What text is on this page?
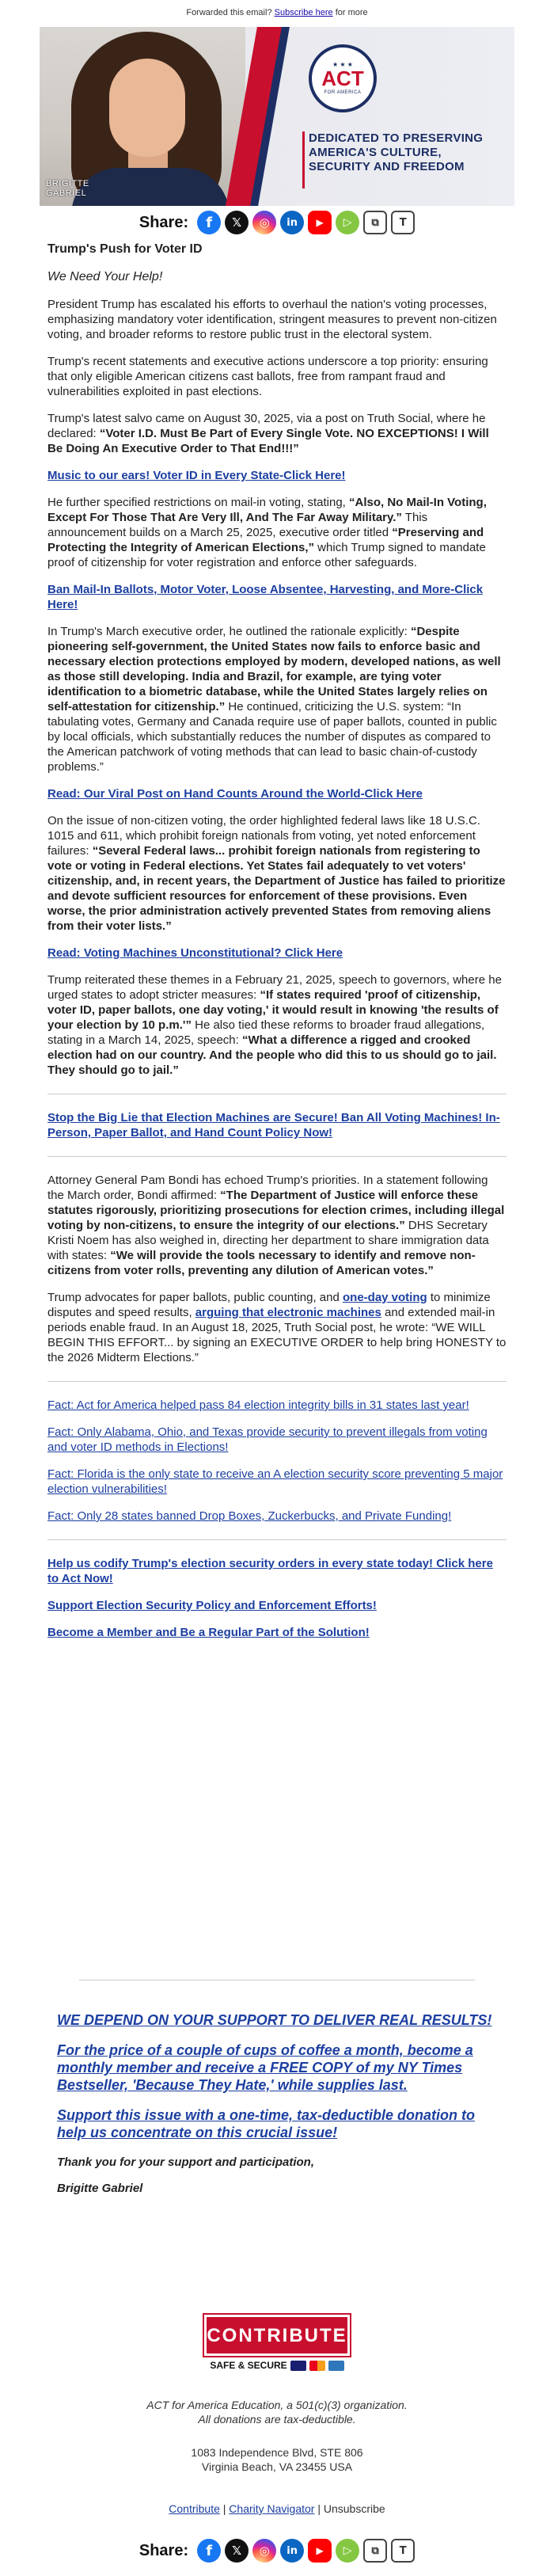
Forwarded this email? Subscribe here for more
BRIGITTE
GABRIEL
★ ★ ★
ACT
FOR AMERICA
DEDICATED TO PRESERVING AMERICA'S CULTURE, SECURITY AND FREEDOM
Share:	f	𝕏	◎	in	▶	▷	⧉	T

Trump's Push for Voter ID

We Need Your Help!

President Trump has escalated his efforts to overhaul the nation's voting processes, emphasizing mandatory voter identification, stringent measures to prevent non-citizen voting, and broader reforms to restore public trust in the electoral system.

Trump's recent statements and executive actions underscore a top priority: ensuring that only eligible American citizens cast ballots, free from rampant fraud and vulnerabilities exploited in past elections.

Trump's latest salvo came on August 30, 2025, via a post on Truth Social, where he declared: “Voter I.D. Must Be Part of Every Single Vote. NO EXCEPTIONS! I Will Be Doing An Executive Order to That End!!!”

Music to our ears! Voter ID in Every State-Click Here!

He further specified restrictions on mail-in voting, stating, “Also, No Mail-In Voting, Except For Those That Are Very Ill, And The Far Away Military.” This announcement builds on a March 25, 2025, executive order titled “Preserving and Protecting the Integrity of American Elections,” which Trump signed to mandate proof of citizenship for voter registration and enforce other safeguards.

Ban Mail-In Ballots, Motor Voter, Loose Absentee, Harvesting, and More-Click Here!

In Trump's March executive order, he outlined the rationale explicitly: “Despite pioneering self-government, the United States now fails to enforce basic and necessary election protections employed by modern, developed nations, as well as those still developing. India and Brazil, for example, are tying voter identification to a biometric database, while the United States largely relies on self-attestation for citizenship.” He continued, criticizing the U.S. system: “In tabulating votes, Germany and Canada require use of paper ballots, counted in public by local officials, which substantially reduces the number of disputes as compared to the American patchwork of voting methods that can lead to basic chain-of-custody problems.”

Read: Our Viral Post on Hand Counts Around the World-Click Here

On the issue of non-citizen voting, the order highlighted federal laws like 18 U.S.C. 1015 and 611, which prohibit foreign nationals from voting, yet noted enforcement failures: “Several Federal laws... prohibit foreign nationals from registering to vote or voting in Federal elections. Yet States fail adequately to vet voters' citizenship, and, in recent years, the Department of Justice has failed to prioritize and devote sufficient resources for enforcement of these provisions. Even worse, the prior administration actively prevented States from removing aliens from their voter lists.”

Read: Voting Machines Unconstitutional? Click Here

Trump reiterated these themes in a February 21, 2025, speech to governors, where he urged states to adopt stricter measures: “If states required 'proof of citizenship, voter ID, paper ballots, one day voting,' it would result in knowing 'the results of your election by 10 p.m.'” He also tied these reforms to broader fraud allegations, stating in a March 14, 2025, speech: “What a difference a rigged and crooked election had on our country. And the people who did this to us should go to jail. They should go to jail.”

Stop the Big Lie that Election Machines are Secure! Ban All Voting Machines! In-Person, Paper Ballot, and Hand Count Policy Now!

Attorney General Pam Bondi has echoed Trump's priorities. In a statement following the March order, Bondi affirmed: “The Department of Justice will enforce these statutes rigorously, prioritizing prosecutions for election crimes, including illegal voting by non-citizens, to ensure the integrity of our elections.” DHS Secretary Kristi Noem has also weighed in, directing her department to share immigration data with states: “We will provide the tools necessary to identify and remove non-citizens from voter rolls, preventing any dilution of American votes.”

Trump advocates for paper ballots, public counting, and one-day voting to minimize disputes and speed results, arguing that electronic machines and extended mail-in periods enable fraud. In an August 18, 2025, Truth Social post, he wrote: “WE WILL BEGIN THIS EFFORT... by signing an EXECUTIVE ORDER to help bring HONESTY to the 2026 Midterm Elections.”

Fact: Act for America helped pass 84 election integrity bills in 31 states last year!
Fact: Only Alabama, Ohio, and Texas provide security to prevent illegals from voting and voter ID methods in Elections!
Fact: Florida is the only state to receive an A election security score preventing 5 major election vulnerabilities!
Fact: Only 28 states banned Drop Boxes, Zuckerbucks, and Private Funding!
Help us codify Trump's election security orders in every state today! Click here to Act Now!
Support Election Security Policy and Enforcement Efforts!
Become a Member and Be a Regular Part of the Solution!
WE DEPEND ON YOUR SUPPORT TO DELIVER REAL RESULTS!
For the price of a couple of cups of coffee a month, become a monthly member and receive a FREE COPY of my NY Times Bestseller, 'Because They Hate,' while supplies last.
Support this issue with a one-time, tax-deductible donation to help us concentrate on this crucial issue!
Thank you for your support and participation,
Brigitte Gabriel
CONTRIBUTE
SAFE & SECURE
ACT for America Education, a 501(c)(3) organization.
All donations are tax-deductible.
1083 Independence Blvd, STE 806
Virginia Beach, VA 23455 USA
Contribute | Charity Navigator | Unsubscribe
Share:	f	𝕏	◎	in	▶	▷	⧉	T
